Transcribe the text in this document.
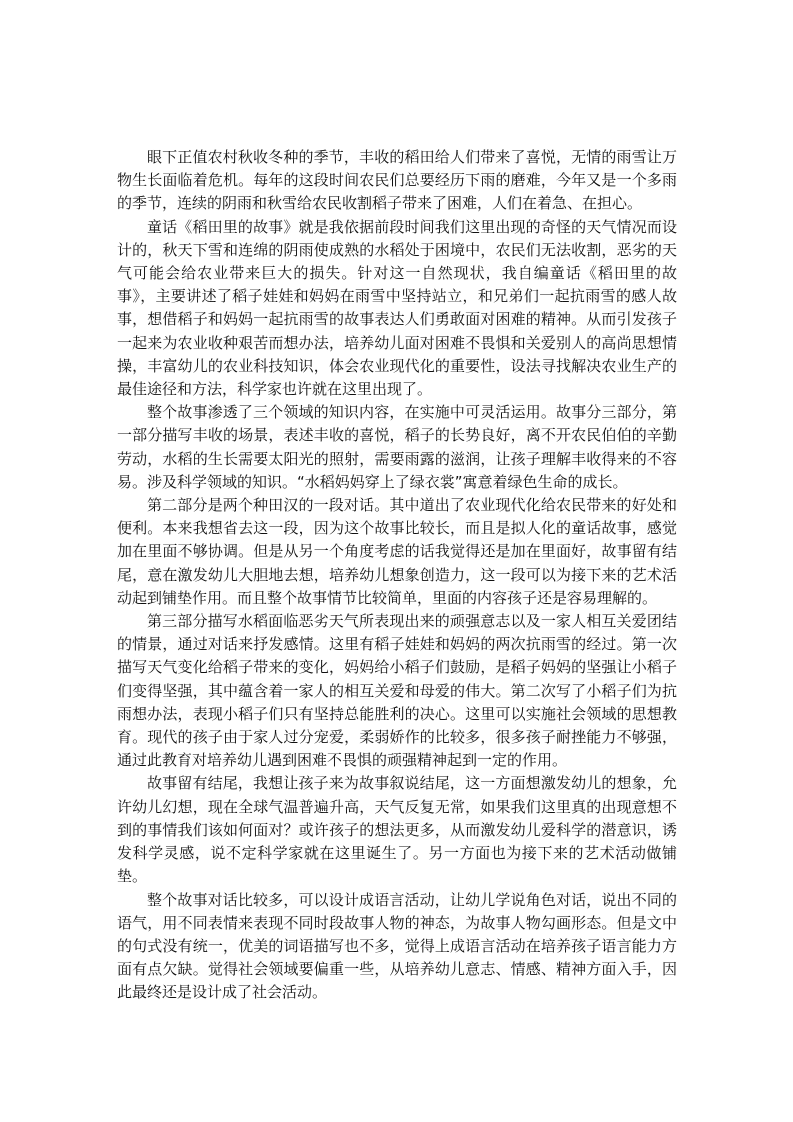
眼下正值农村秋收冬种的季节，丰收的稻田给人们带来了喜悦，无情的雨雪让万物生长面临着危机。每年的这段时间农民们总要经历下雨的磨难，今年又是一个多雨的季节，连续的阴雨和秋雪给农民收割稻子带来了困难，人们在着急、在担心。

童话《稻田里的故事》就是我依据前段时间我们这里出现的奇怪的天气情况而设计的，秋天下雪和连绵的阴雨使成熟的水稻处于困境中，农民们无法收割，恶劣的天气可能会给农业带来巨大的损失。针对这一自然现状，我自编童话《稻田里的故事》，主要讲述了稻子娃娃和妈妈在雨雪中坚持站立，和兄弟们一起抗雨雪的感人故事，想借稻子和妈妈一起抗雨雪的故事表达人们勇敢面对困难的精神。从而引发孩子一起来为农业收种艰苦而想办法，培养幼儿面对困难不畏惧和关爱别人的高尚思想情操，丰富幼儿的农业科技知识，体会农业现代化的重要性，设法寻找解决农业生产的最佳途径和方法，科学家也许就在这里出现了。

整个故事渗透了三个领域的知识内容，在实施中可灵活运用。故事分三部分，第一部分描写丰收的场景，表述丰收的喜悦，稻子的长势良好，离不开农民伯伯的辛勤劳动，水稻的生长需要太阳光的照射，需要雨露的滋润，让孩子理解丰收得来的不容易。涉及科学领域的知识。“水稻妈妈穿上了绿衣裳”寓意着绿色生命的成长。

第二部分是两个种田汉的一段对话。其中道出了农业现代化给农民带来的好处和便利。本来我想省去这一段，因为这个故事比较长，而且是拟人化的童话故事，感觉加在里面不够协调。但是从另一个角度考虑的话我觉得还是加在里面好，故事留有结尾，意在激发幼儿大胆地去想，培养幼儿想象创造力，这一段可以为接下来的艺术活动起到铺垫作用。而且整个故事情节比较简单，里面的内容孩子还是容易理解的。

第三部分描写水稻面临恶劣天气所表现出来的顽强意志以及一家人相互关爱团结的情景，通过对话来抒发感情。这里有稻子娃娃和妈妈的两次抗雨雪的经过。第一次描写天气变化给稻子带来的变化，妈妈给小稻子们鼓励，是稻子妈妈的坚强让小稻子们变得坚强，其中蕴含着一家人的相互关爱和母爱的伟大。第二次写了小稻子们为抗雨想办法，表现小稻子们只有坚持总能胜利的决心。这里可以实施社会领域的思想教育。现代的孩子由于家人过分宠爱，柔弱娇作的比较多，很多孩子耐挫能力不够强，通过此教育对培养幼儿遇到困难不畏惧的顽强精神起到一定的作用。

故事留有结尾，我想让孩子来为故事叙说结尾，这一方面想激发幼儿的想象，允许幼儿幻想，现在全球气温普遍升高，天气反复无常，如果我们这里真的出现意想不到的事情我们该如何面对？或许孩子的想法更多，从而激发幼儿爱科学的潜意识，诱发科学灵感，说不定科学家就在这里诞生了。另一方面也为接下来的艺术活动做铺垫。

整个故事对话比较多，可以设计成语言活动，让幼儿学说角色对话，说出不同的语气，用不同表情来表现不同时段故事人物的神态，为故事人物勾画形态。但是文中的句式没有统一，优美的词语描写也不多，觉得上成语言活动在培养孩子语言能力方面有点欠缺。觉得社会领域要偏重一些，从培养幼儿意志、情感、精神方面入手，因此最终还是设计成了社会活动。
